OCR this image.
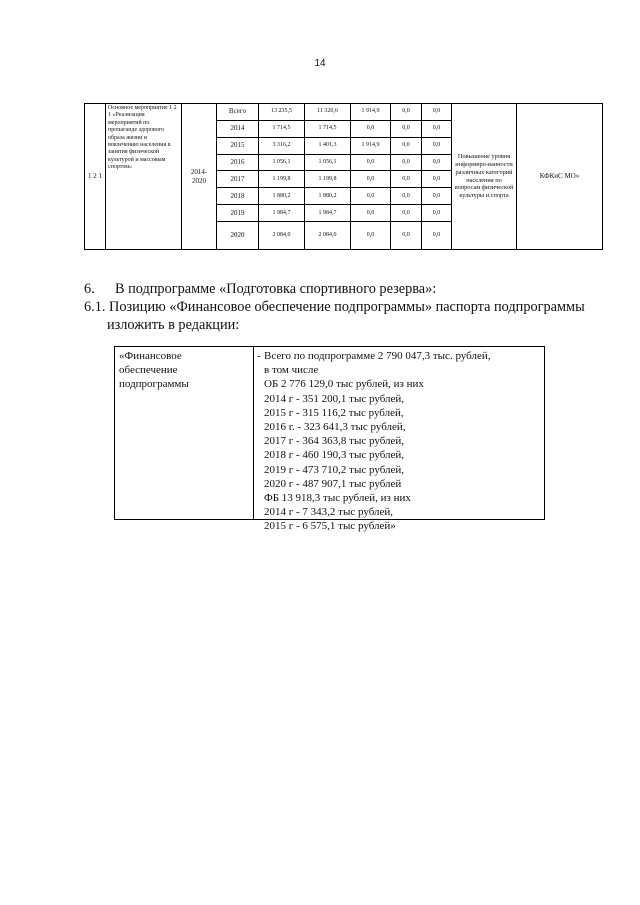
14
1 2 1	Основное мероприятие 1 2 1 «Реализация мероприятий по пропаганде здорового образа жизни и вовлечению населения в занятия физической культурой и массовым спортом»	2014-2020	Всего	13 235,5	11 320,6	1 914,9	0,0	0,0	Повышение уровня информиро-ванности различных категорий населения по вопросам физической культуры и спорта	КФКиС МО»
			2014	1 714,5	1 714,5	0,0	0,0	0,0		
			2015	3 316,2	1 401,3	1 914,9	0,0	0,0		
			2016	1 056,1	1 056,1	0,0	0,0	0,0		
			2017	1 199,8	1 199,8	0,0	0,0	0,0		
			2018	1 880,2	1 880,2	0,0	0,0	0,0		
			2019	1 984,7	1 984,7	0,0	0,0	0,0		
			2020	2 084,0	2 084,0	0,0	0,0	0,0		
6. В подпрограмме «Подготовка спортивного резерва»:
6.1. Позицию «Финансовое обеспечение подпрограммы» паспорта подпрограммы
изложить в редакции:
«Финансовое
обеспечение
подпрограммы
- Всего по подпрограмме 2 790 047,3 тыс. рублей,
в том числе
ОБ 2 776 129,0 тыс рублей, из них
2014 г - 351 200,1 тыс рублей,
2015 г - 315 116,2 тыс рублей,
2016 г. - 323 641,3 тыс рублей,
2017 г - 364 363,8 тыс рублей,
2018 г - 460 190,3 тыс рублей,
2019 г - 473 710,2 тыс рублей,
2020 г - 487 907,1 тыс рублей
ФБ 13 918,3 тыс рублей, из них
2014 г - 7 343,2 тыс рублей,
2015 г - 6 575,1 тыс рублей»
